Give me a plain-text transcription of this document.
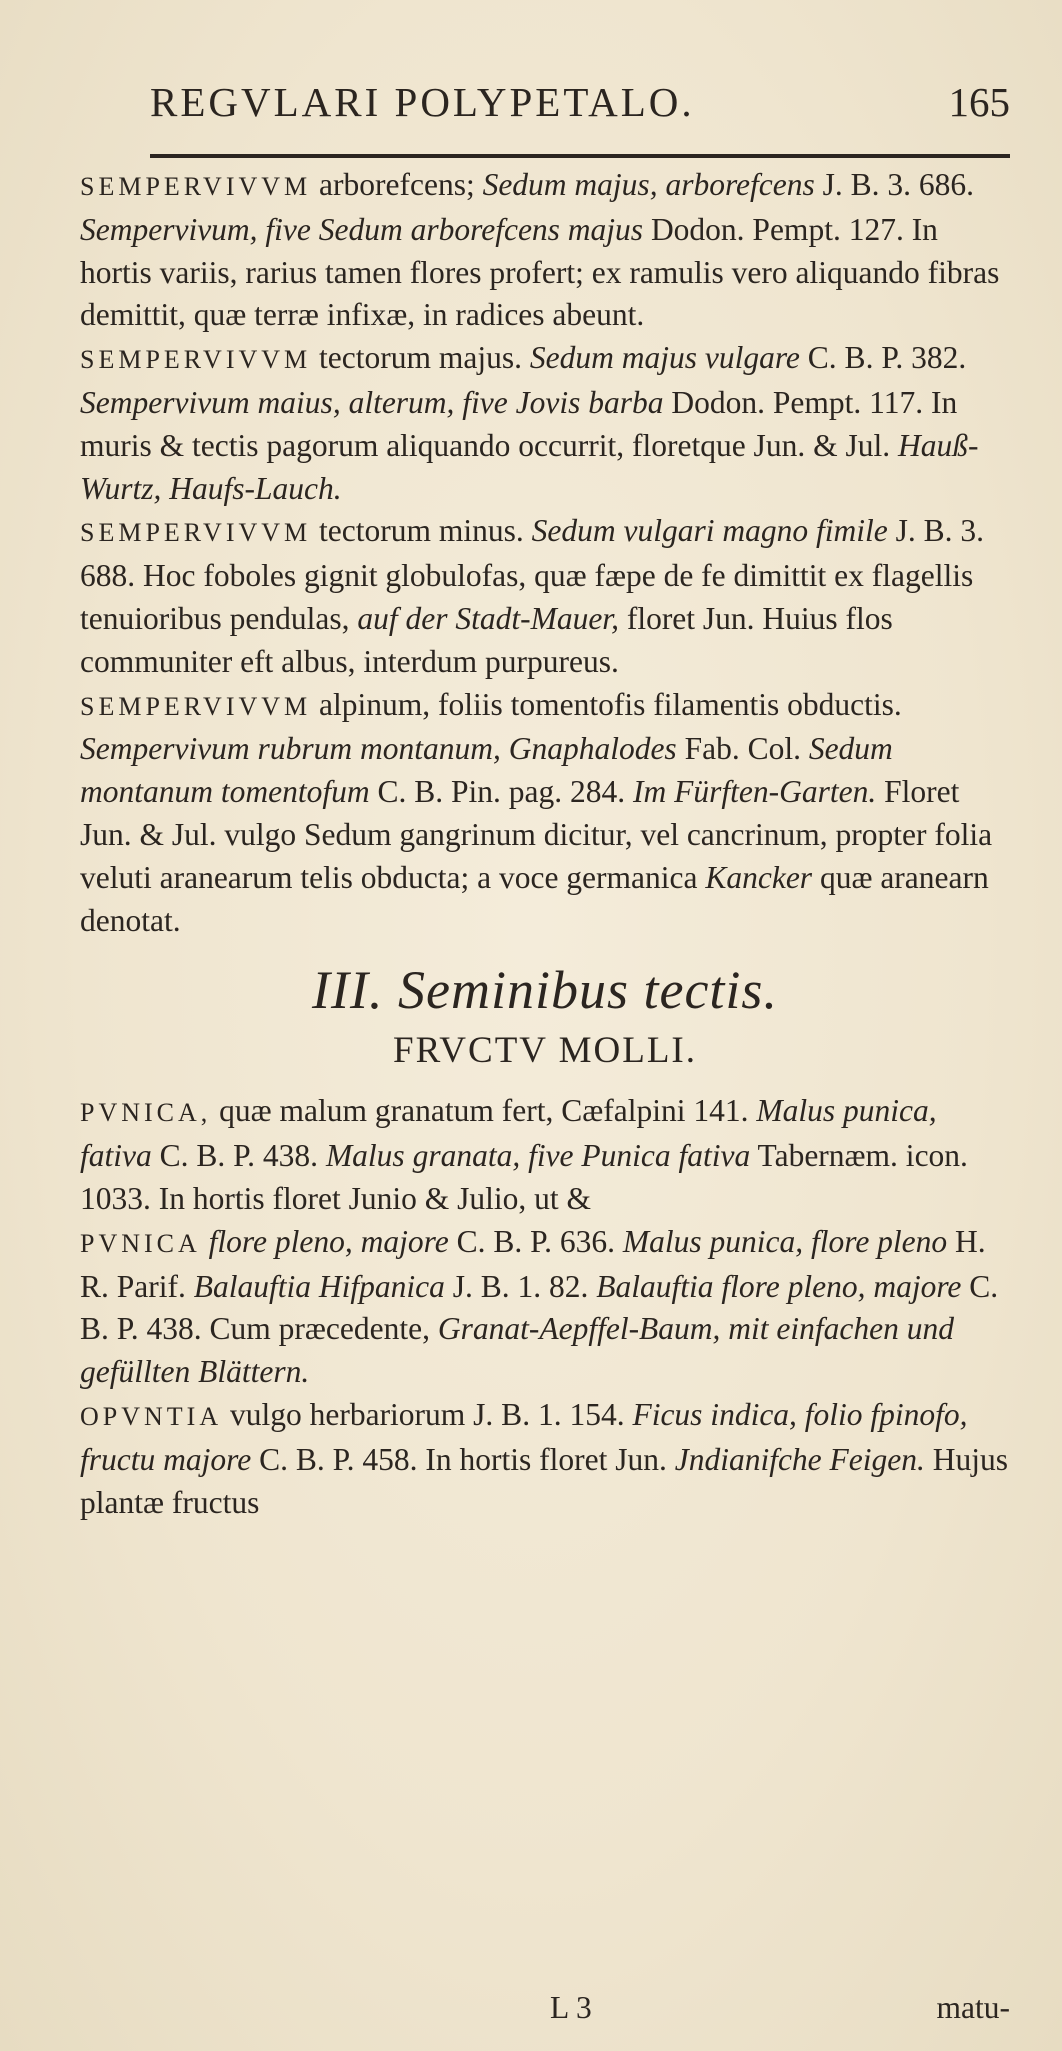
REGVLARI POLYPETALO.	165

SEMPERVIVVM arborefcens; Sedum majus, arborefcens J. B. 3. 686. Sempervivum, five Sedum arborefcens majus Dodon. Pempt. 127. In hortis variis, rarius tamen flores profert; ex ramulis vero aliquando fibras demittit, quæ terræ infixæ, in radices abeunt.

SEMPERVIVVM tectorum majus. Sedum majus vulgare C. B. P. 382. Sempervivum maius, alterum, five Jovis barba Dodon. Pempt. 117. In muris & tectis pagorum aliquando occurrit, floretque Jun. & Jul. Hauß-Wurtz, Haufs-Lauch.

SEMPERVIVVM tectorum minus. Sedum vulgari magno fimile J. B. 3. 688. Hoc foboles gignit globulofas, quæ fæpe de fe dimittit ex flagellis tenuioribus pendulas, auf der Stadt-Mauer, floret Jun. Huius flos communiter eft albus, interdum purpureus.

SEMPERVIVVM alpinum, foliis tomentofis filamentis obductis. Sempervivum rubrum montanum, Gnaphalodes Fab. Col. Sedum montanum tomentofum C. B. Pin. pag. 284. Im Fürften-Garten. Floret Jun. & Jul. vulgo Sedum gangrinum dicitur, vel cancrinum, propter folia veluti aranearum telis obducta; a voce germanica Kancker quæ aranearn denotat.

III. Seminibus tectis.
FRVCTV MOLLI.

PVNICA, quæ malum granatum fert, Cæfalpini 141. Malus punica, fativa C. B. P. 438. Malus granata, five Punica fativa Tabernæm. icon. 1033. In hortis floret Junio & Julio, ut &

PVNICA flore pleno, majore C. B. P. 636. Malus punica, flore pleno H. R. Parif. Balauftia Hifpanica J. B. 1. 82. Balauftia flore pleno, majore C. B. P. 438. Cum præcedente, Granat-Aepffel-Baum, mit einfachen und gefüllten Blättern.

OPVNTIA vulgo herbariorum J. B. 1. 154. Ficus indica, folio fpinofo, fructu majore C. B. P. 458. In hortis floret Jun. Jndianifche Feigen. Hujus plantæ fructus

L 3	matu-
